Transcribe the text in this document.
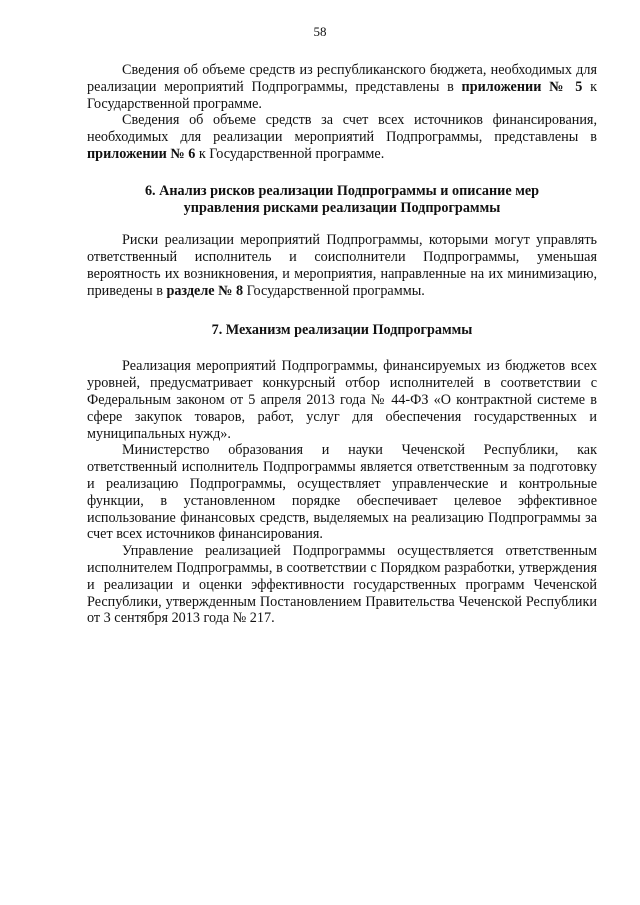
58

Сведения об объеме средств из республиканского бюджета, необходимых для реализации мероприятий Подпрограммы, представлены в приложении № 5 к Государственной программе.

Сведения об объеме средств за счет всех источников финансирования, необходимых для реализации мероприятий Подпрограммы, представлены в приложении № 6 к Государственной программе.

6. Анализ рисков реализации Подпрограммы и описание мер
управления рисками реализации Подпрограммы

Риски реализации мероприятий Подпрограммы, которыми могут управлять ответственный исполнитель и соисполнители Подпрограммы, уменьшая вероятность их возникновения, и мероприятия, направленные на их минимизацию, приведены в разделе № 8 Государственной программы.

7. Механизм реализации Подпрограммы

Реализация мероприятий Подпрограммы, финансируемых из бюджетов всех уровней, предусматривает конкурсный отбор исполнителей в соответствии с Федеральным законом от 5 апреля 2013 года № 44-ФЗ «О контрактной системе в сфере закупок товаров, работ, услуг для обеспечения государственных и муниципальных нужд».

Министерство образования и науки Чеченской Республики, как ответственный исполнитель Подпрограммы является ответственным за подготовку и реализацию Подпрограммы, осуществляет управленческие и контрольные функции, в установленном порядке обеспечивает целевое эффективное использование финансовых средств, выделяемых на реализацию Подпрограммы за счет всех источников финансирования.

Управление реализацией Подпрограммы осуществляется ответственным исполнителем Подпрограммы, в соответствии с Порядком разработки, утверждения и реализации и оценки эффективности государственных программ Чеченской Республики, утвержденным Постановлением Правительства Чеченской Республики от 3 сентября 2013 года № 217.
